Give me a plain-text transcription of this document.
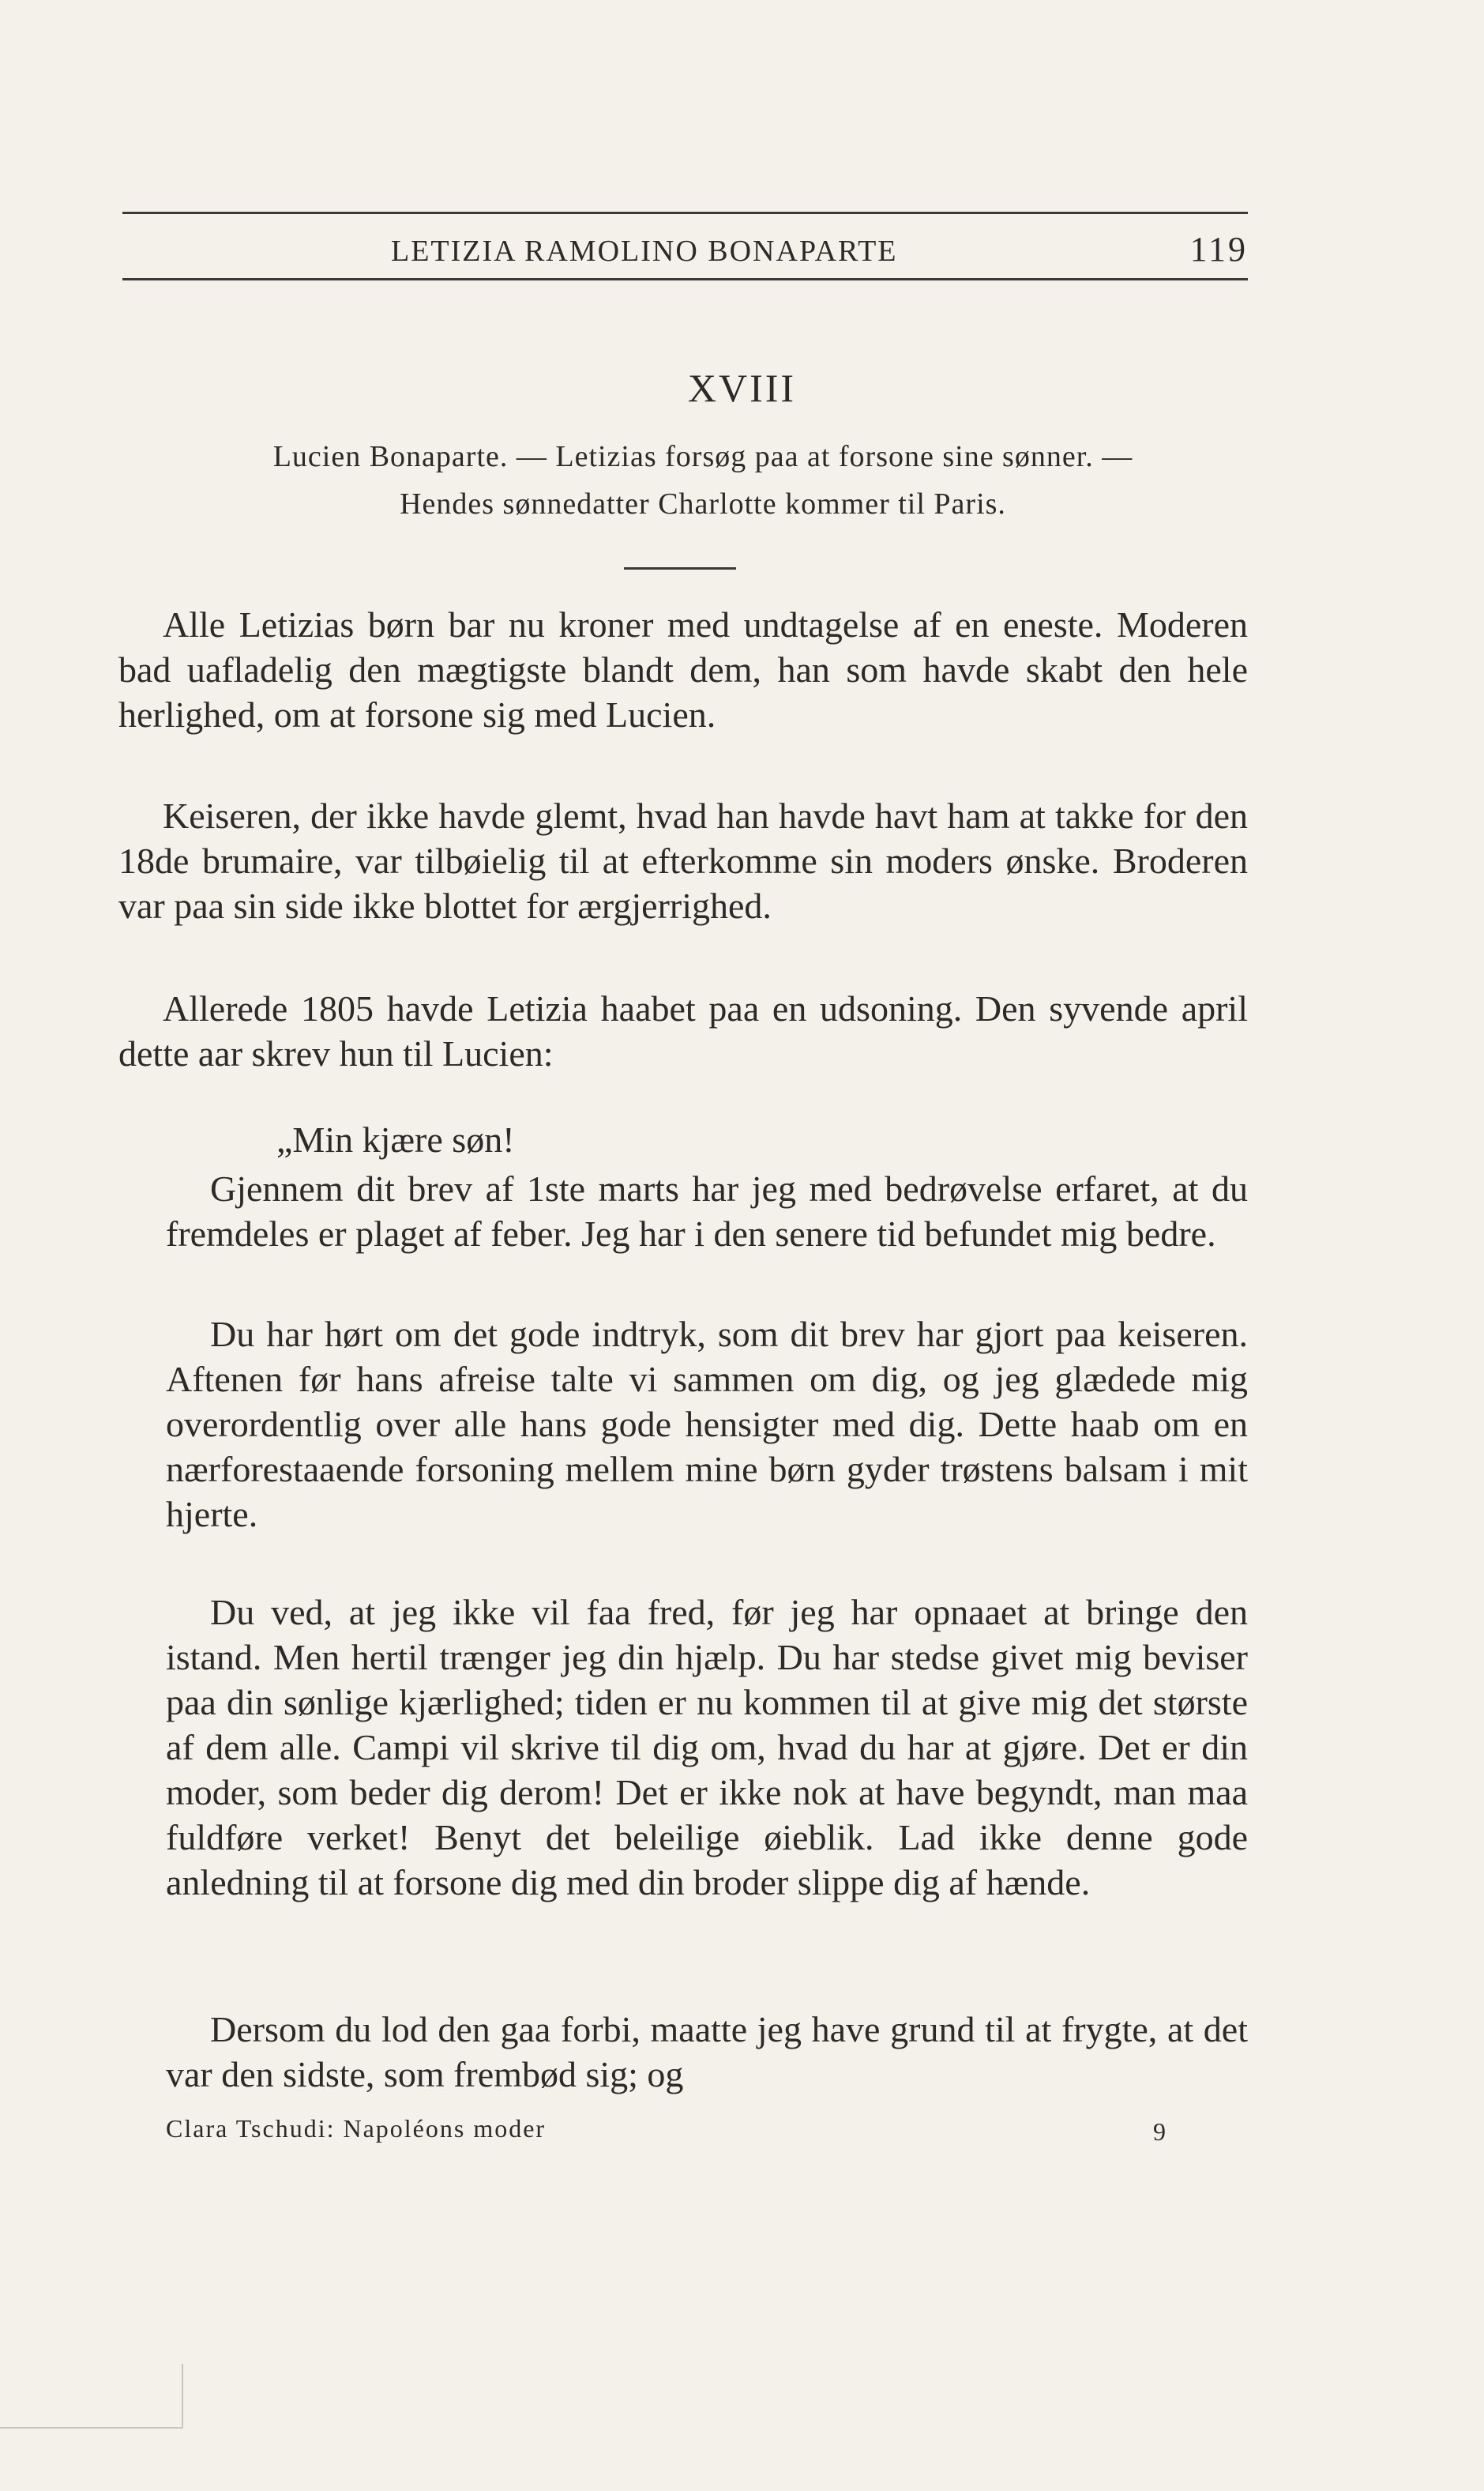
LETIZIA RAMOLINO BONAPARTE	119
XVIII
Lucien Bonaparte. — Letizias forsøg paa at forsone sine sønner. —
Hendes sønnedatter Charlotte kommer til Paris.

Alle Letizias børn bar nu kroner med undtagelse af en eneste. Moderen bad uafladelig den mægtigste blandt dem, han som havde skabt den hele herlighed, om at forsone sig med Lucien.

Keiseren, der ikke havde glemt, hvad han havde havt ham at takke for den 18de brumaire, var tilbøielig til at efterkomme sin moders ønske. Broderen var paa sin side ikke blottet for ærgjerrighed.

Allerede 1805 havde Letizia haabet paa en udsoning. Den syvende april dette aar skrev hun til Lucien:

„Min kjære søn!

Gjennem dit brev af 1ste marts har jeg med bedrøvelse erfaret, at du fremdeles er plaget af feber. Jeg har i den senere tid befundet mig bedre.

Du har hørt om det gode indtryk, som dit brev har gjort paa keiseren. Aftenen før hans afreise talte vi sammen om dig, og jeg glædede mig overordentlig over alle hans gode hensigter med dig. Dette haab om en nærforestaaende forsoning mellem mine børn gyder trøstens balsam i mit hjerte.

Du ved, at jeg ikke vil faa fred, før jeg har opnaaet at bringe den istand. Men hertil trænger jeg din hjælp. Du har stedse givet mig beviser paa din sønlige kjærlighed; tiden er nu kommen til at give mig det største af dem alle. Campi vil skrive til dig om, hvad du har at gjøre. Det er din moder, som beder dig derom! Det er ikke nok at have begyndt, man maa fuldføre verket! Benyt det beleilige øieblik. Lad ikke denne gode anledning til at forsone dig med din broder slippe dig af hænde.

Dersom du lod den gaa forbi, maatte jeg have grund til at frygte, at det var den sidste, som frembød sig; og

Clara Tschudi: Napoléons moder	9
